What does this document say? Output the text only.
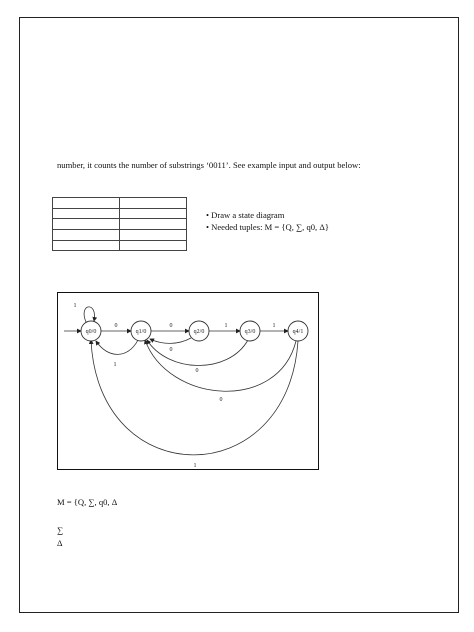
number, it counts the number of substrings ‘0011’. See example input and output below:

• Draw a state diagram
• Needed tuples: M = {Q, ∑, q0, Δ}
q0/0	q1/0	q2/0	q3/0	q4/1
1
0
1
0
0
1
0
1
0
1
M = {Q, ∑, q0, Δ
∑
Δ
